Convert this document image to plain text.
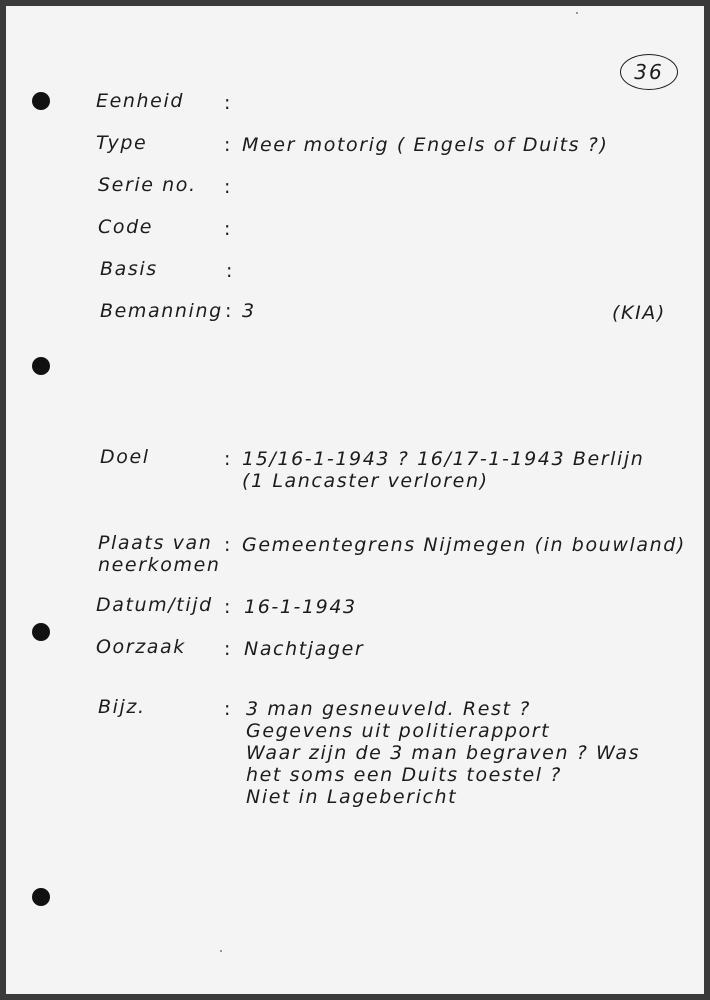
36
Eenheid :
Type	: Meer motorig ( Engels of Duits ?)
Serie no. :
Code	:
Basis	:
Bemanning : 3	(KIA)
Doel	: 15/16-1-1943 ? 16/17-1-1943 Berlijn
(1 Lancaster verloren)
Plaats van
neerkomen
: Gemeentegrens Nijmegen (in bouwland)
Datum/tijd : 16-1-1943
Oorzaak : Nachtjager
Bijz.	: 3 man gesneuveld. Rest ?
Gegevens uit politierapport
Waar zijn de 3 man begraven ? Was
het soms een Duits toestel ?
Niet in Lagebericht
